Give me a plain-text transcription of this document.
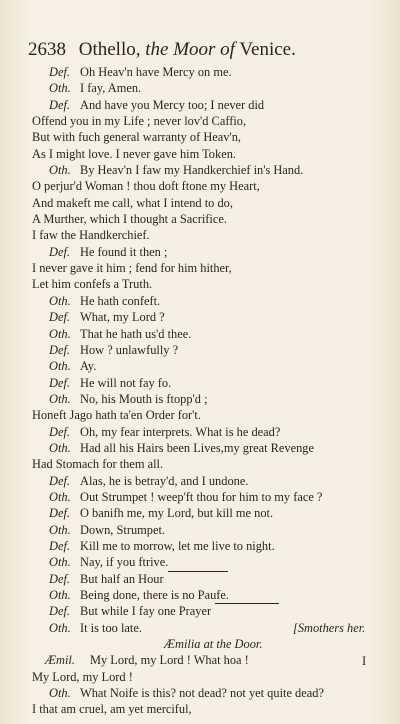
2638 Othello, the Moor of Venice.
Def. Oh Heav'n have Mercy on me.
Oth. I fay, Amen.
Def. And have you Mercy too; I never did
Offend you in my Life ; never lov'd Caffio,
But with fuch general warranty of Heav'n,
As I might love. I never gave him Token.
Oth. By Heav'n I faw my Handkerchief in's Hand.
O perjur'd Woman ! thou doft ftone my Heart,
And makeft me call, what I intend to do,
A Murther, which I thought a Sacrifice.
I faw the Handkerchief.
Def. He found it then ;
I never gave it him ; fend for him hither,
Let him confefs a Truth.
Oth. He hath confeft.
Def. What, my Lord ?
Oth. That he hath us'd thee.
Def. How ? unlawfully ?
Oth. Ay.
Def. He will not fay fo.
Oth. No, his Mouth is ftopp'd ;
Honeft Jago hath ta'en Order for't.
Def. Oh, my fear interprets. What is he dead?
Oth. Had all his Hairs been Lives,my great Revenge
Had Stomach for them all.
Def. Alas, he is betray'd, and I undone.
Oth. Out Strumpet ! weep'ft thou for him to my face ?
Def. O banifh me, my Lord, but kill me not.
Oth. Down, Strumpet.
Def. Kill me to morrow, let me live to night.
Oth. Nay, if you ftrive.
Def. But half an Hour
Oth. Being done, there is no Paufe.
Def. But while I fay one Prayer
Oth. It is too late.	[Smothers her.
Æmilia at the Door.
Æmil. My Lord, my Lord ! What hoa !
My Lord, my Lord !
Oth. What Noife is this? not dead? not yet quite dead?
I that am cruel, am yet merciful,
I
